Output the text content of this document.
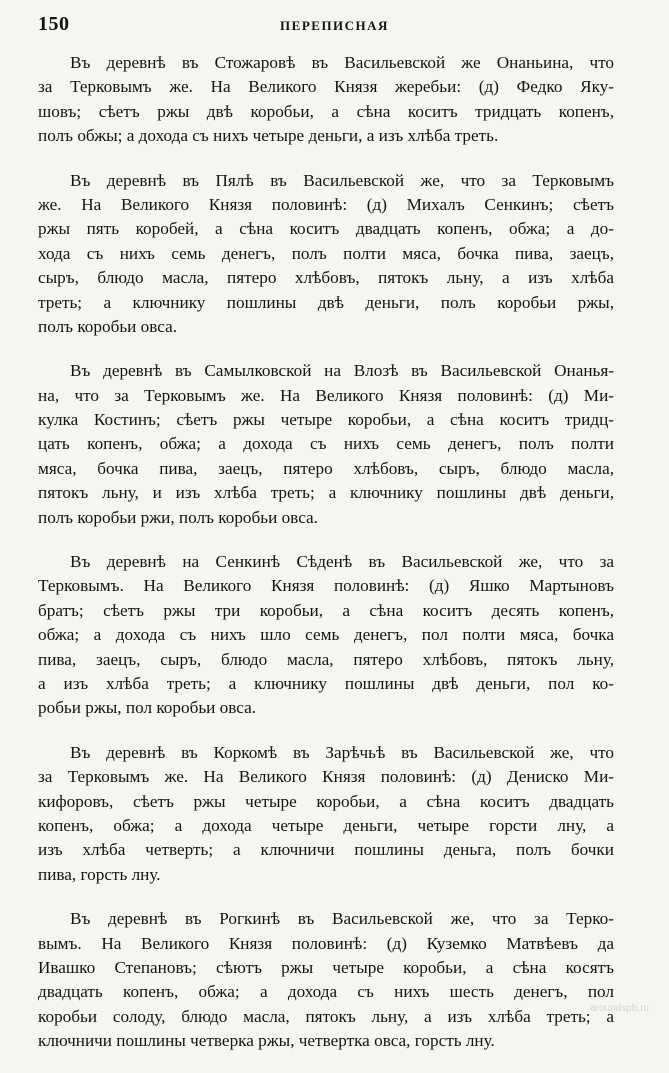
150	ПЕРЕПИСНАЯ
Въ деревнѣ въ Стожаровѣ въ Васильевской же Онаньина, что
за Терковымъ же. На Великого Князя жеребьи: (д) Федко Яку-
шовъ; сѣетъ ржы двѣ коробьи, а сѣна коситъ тридцать копенъ,
полъ обжы; а дохода съ нихъ четыре деньги, а изъ хлѣба треть.
Въ деревнѣ въ Пялѣ въ Васильевской же, что за Терковымъ
же. На Великого Князя половинѣ: (д) Михалъ Сенкинъ; сѣетъ
ржы пять коробей, а сѣна коситъ двадцать копенъ, обжа; а до-
хода съ нихъ семь денегъ, полъ полти мяса, бочка пива, заецъ,
сыръ, блюдо масла, пятеро хлѣбовъ, пятокъ льну, а изъ хлѣба
треть; а ключнику пошлины двѣ деньги, полъ коробьи ржы,
полъ коробьи овса.
Въ деревнѣ въ Самылковской на Влозѣ въ Васильевской Онанья-
на, что за Терковымъ же. На Великого Князя половинѣ: (д) Ми-
кулка Костинъ; сѣетъ ржы четыре коробьи, а сѣна коситъ тридц-
цать копенъ, обжа; а дохода съ нихъ семь денегъ, полъ полти
мяса, бочка пива, заецъ, пятеро хлѣбовъ, сыръ, блюдо масла,
пятокъ льну, и изъ хлѣба треть; а ключнику пошлины двѣ деньги,
полъ коробьи ржи, полъ коробьи овса.
Въ деревнѣ на Сенкинѣ Сѣденѣ въ Васильевской же, что за
Терковымъ. На Великого Князя половинѣ: (д) Яшко Мартыновъ
братъ; сѣетъ ржы три коробьи, а сѣна коситъ десять копенъ,
обжа; а дохода съ нихъ шло семь денегъ, пол полти мяса, бочка
пива, заецъ, сыръ, блюдо масла, пятеро хлѣбовъ, пятокъ льну,
а изъ хлѣба треть; а ключнику пошлины двѣ деньги, пол ко-
робьи ржы, пол коробьи овса.
Въ деревнѣ въ Коркомѣ въ Зарѣчьѣ въ Васильевской же, что
за Терковымъ же. На Великого Князя половинѣ: (д) Дениско Ми-
кифоровъ, сѣетъ ржы четыре коробьи, а сѣна коситъ двадцать
копенъ, обжа; а дохода четыре деньги, четыре горсти лну, а
изъ хлѣба четверть; а ключничи пошлины деньга, полъ бочки
пива, горсть лну.
Въ деревнѣ въ Рогкинѣ въ Васильевской же, что за Терко-
вымъ. На Великого Князя половинѣ: (д) Куземко Матвѣевъ да
Ивашко Степановъ; сѣютъ ржы четыре коробьи, а сѣна косятъ
двадцать копенъ, обжа; а дохода съ нихъ шесть денегъ, пол
коробьи солоду, блюдо масла, пятокъ льну, а изъ хлѣба треть; а
ключничи пошлины четверка ржы, четвертка овса, горсть лну.
aroundspb.ru
